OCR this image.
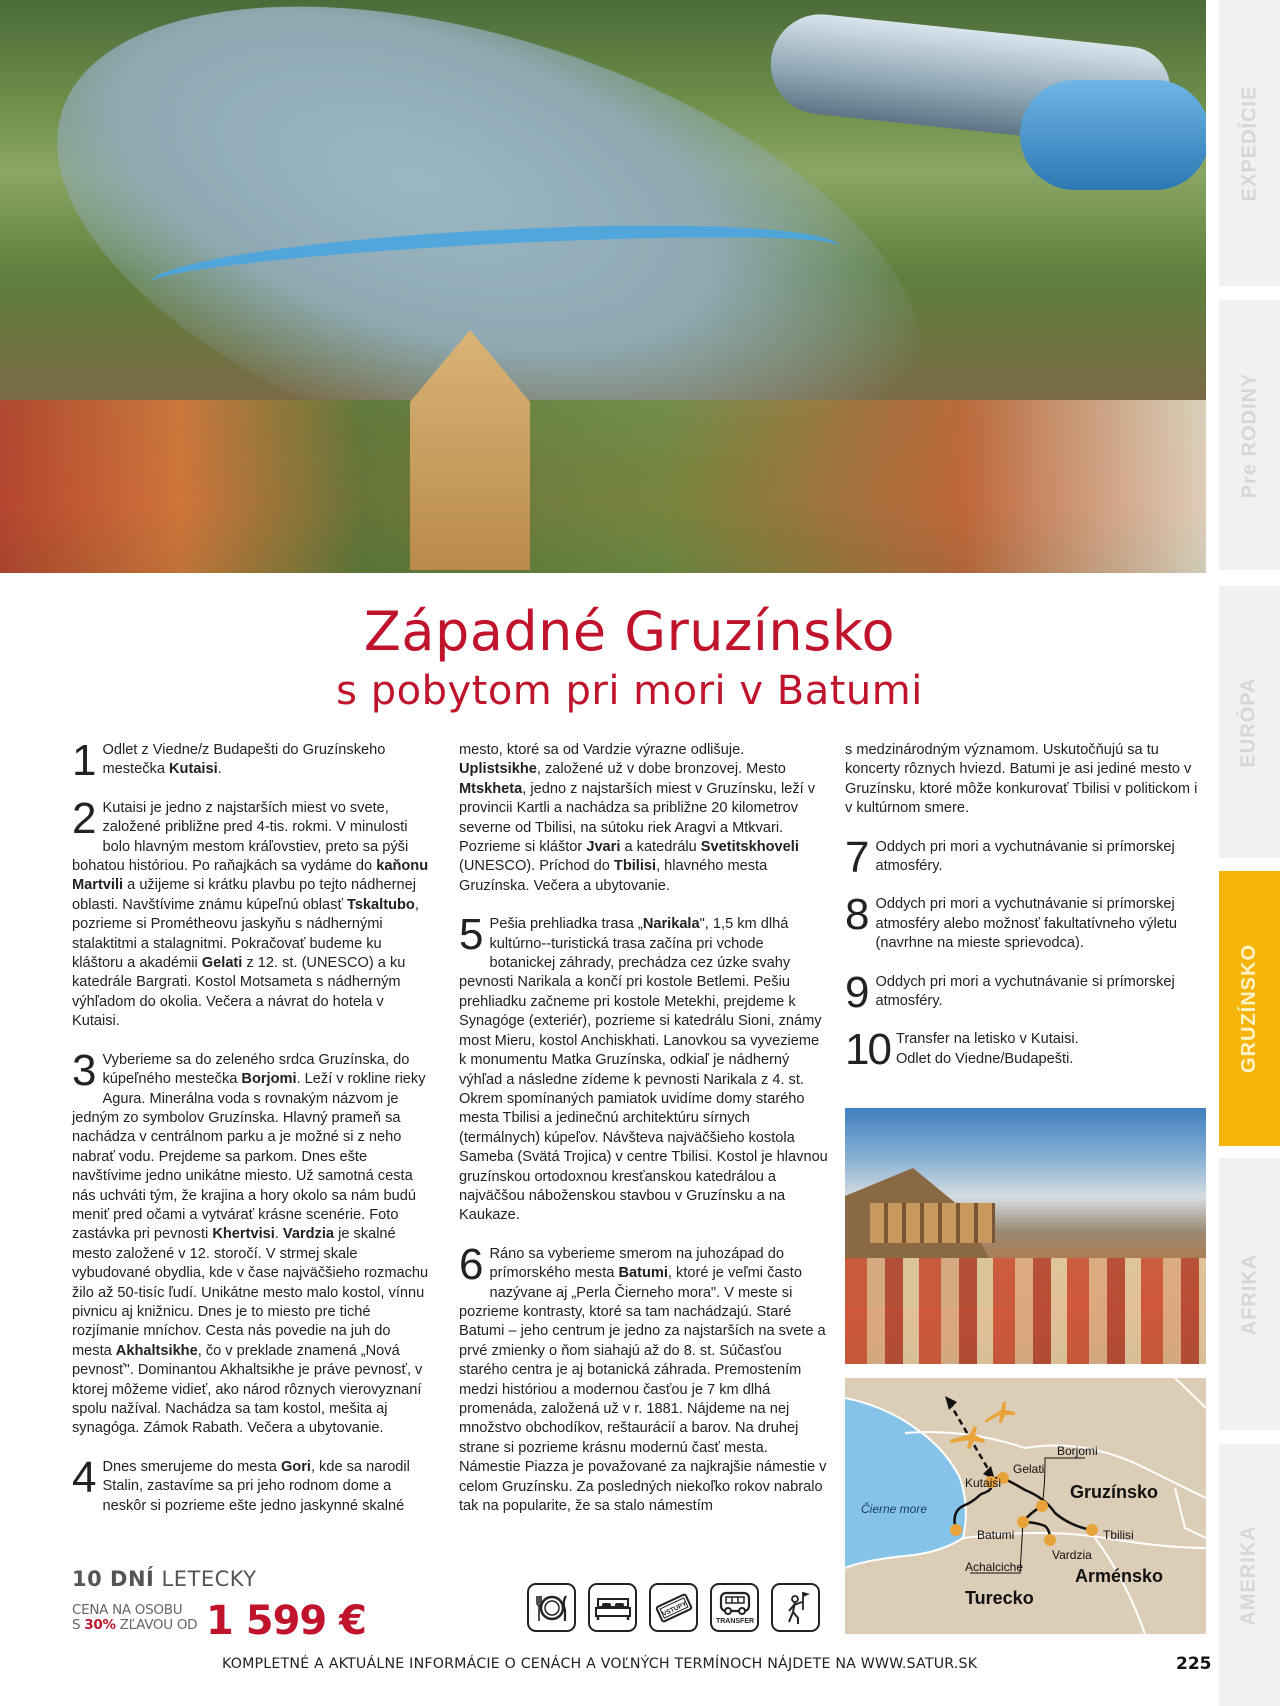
EXPEDÍCIE
Pre RODINY
EURÓPA
GRUZÍNSKO
AFRIKA
AMERIKA
Západné Gruzínsko
s pobytom pri mori v Batumi
1 Odlet z Viedne/z Budapešti do Gruzínskeho mestečka Kutaisi.
2 Kutaisi je jedno z najstarších miest vo svete, založené približne pred 4-tis. rokmi. V minulosti bolo hlavným mestom kráľovstiev, preto sa pýši bohatou históriou. Po raňajkách sa vydáme do kaňonu Martvili a užijeme si krátku plavbu po tejto nádhernej oblasti. Navštívime známu kúpeľnú oblasť Tskaltubo, pozrieme si Prométheovu jaskyňu s nádhernými stalaktitmi a stalagnitmi. Pokračovať budeme ku kláštoru a akadémii Gelati z 12. st. (UNESCO) a ku katedrále Bargrati. Kostol Motsameta s nádherným výhľadom do okolia. Večera a návrat do hotela v Kutaisi.
3 Vyberieme sa do zeleného srdca Gruzínska, do kúpeľného mestečka Borjomi. Leží v rokline rieky Agura. Minerálna voda s rovnakým názvom je jedným zo symbolov Gruzínska. Hlavný prameň sa nachádza v centrálnom parku a je možné si z neho nabrať vodu. Prejdeme sa parkom. Dnes ešte navštívime jedno unikátne miesto. Už samotná cesta nás uchváti tým, že krajina a hory okolo sa nám budú meniť pred očami a vytvárať krásne scenérie. Foto zastávka pri pevnosti Khertvisi. Vardzia je skalné mesto založené v 12. storočí. V strmej skale vybudované obydlia, kde v čase najväčšieho rozmachu žilo až 50-tisíc ľudí. Unikátne mesto malo kostol, vínnu pivnicu aj knižnicu. Dnes je to miesto pre tiché rozjímanie mníchov. Cesta nás povedie na juh do mesta Akhaltsikhe, čo v preklade znamená „Nová pevnosť". Dominantou Akhaltsikhe je práve pevnosť, v ktorej môžeme vidieť, ako národ rôznych vierovyznaní spolu nažíval. Nachádza sa tam kostol, mešita aj synagóga. Zámok Rabath. Večera a ubytovanie.
4 Dnes smerujeme do mesta Gori, kde sa narodil Stalin, zastavíme sa pri jeho rodnom dome a neskôr si pozrieme ešte jedno jaskynné skalné
mesto, ktoré sa od Vardzie výrazne odlišuje. Uplistsikhe, založené už v dobe bronzovej. Mesto Mtskheta, jedno z najstarších miest v Gruzínsku, leží v provincii Kartli a nachádza sa približne 20 kilometrov severne od Tbilisi, na sútoku riek Aragvi a Mtkvari. Pozrieme si kláštor Jvari a katedrálu Svetitskhoveli (UNESCO). Príchod do Tbilisi, hlavného mesta Gruzínska. Večera a ubytovanie.
5 Pešia prehliadka trasa „Narikala", 1,5 km dlhá kultúrno--turistická trasa začína pri vchode botanickej záhrady, prechádza cez úzke svahy pevnosti Narikala a končí pri kostole Betlemi. Pešiu prehliadku začneme pri kostole Metekhi, prejdeme k Synagóge (exteriér), pozrieme si katedrálu Sioni, známy most Mieru, kostol Anchiskhati. Lanovkou sa vyvezieme k monumentu Matka Gruzínska, odkiaľ je nádherný výhľad a následne zídeme k pevnosti Narikala z 4. st. Okrem spomínaných pamiatok uvidíme domy starého mesta Tbilisi a jedinečnú architektúru sírnych (termálnych) kúpeľov. Návšteva najväčšieho kostola Sameba (Svätá Trojica) v centre Tbilisi. Kostol je hlavnou gruzínskou ortodoxnou kresťanskou katedrálou a najväčšou náboženskou stavbou v Gruzínsku a na Kaukaze.
6 Ráno sa vyberieme smerom na juhozápad do prímorského mesta Batumi, ktoré je veľmi často nazývane aj „Perla Čierneho mora". V meste si pozrieme kontrasty, ktoré sa tam nachádzajú. Staré Batumi – jeho centrum je jedno za najstarších na svete a prvé zmienky o ňom siahajú až do 8. st. Súčasťou starého centra je aj botanická záhrada. Premostením medzi históriou a modernou časťou je 7 km dlhá promenáda, založená už v r. 1881. Nájdeme na nej množstvo obchodíkov, reštaurácií a barov. Na druhej strane si pozrieme krásnu modernú časť mesta. Námestie Piazza je považované za najkrajšie námestie v celom Gruzínsku. Za posledných niekoľko rokov nabralo tak na popularite, že sa stalo námestím
s medzinárodným významom. Uskutočňujú sa tu koncerty rôznych hviezd. Batumi je asi jediné mesto v Gruzínsku, ktoré môže konkurovať Tbilisi v politickom i v kultúrnom smere.
7 Oddych pri mori a vychutnávanie si prímorskej atmosféry.
8 Oddych pri mori a vychutnávanie si prímorskej atmosféry alebo možnosť fakultatívneho výletu (navrhne na mieste sprievodca).
9 Oddych pri mori a vychutnávanie si prímorskej atmosféry.
10 Transfer na letisko v Kutaisi. Odlet do Viedne/Budapešti.
Čierne more
Kutaisi
Gelati
Borjomi
Tbilisi
Batumi
Vardzia
Achalciche
Gruzínsko
Arménsko
Turecko
10 DNÍ LETECKY
CENA NA OSOBU
S 30% ZĽAVOU OD 1 599 €	VSTUPY
TRANSFER
KOMPLETNÉ A AKTUÁLNE INFORMÁCIE O CENÁCH A VOĽNÝCH TERMÍNOCH NÁJDETE NA WWW.SATUR.SK	225
